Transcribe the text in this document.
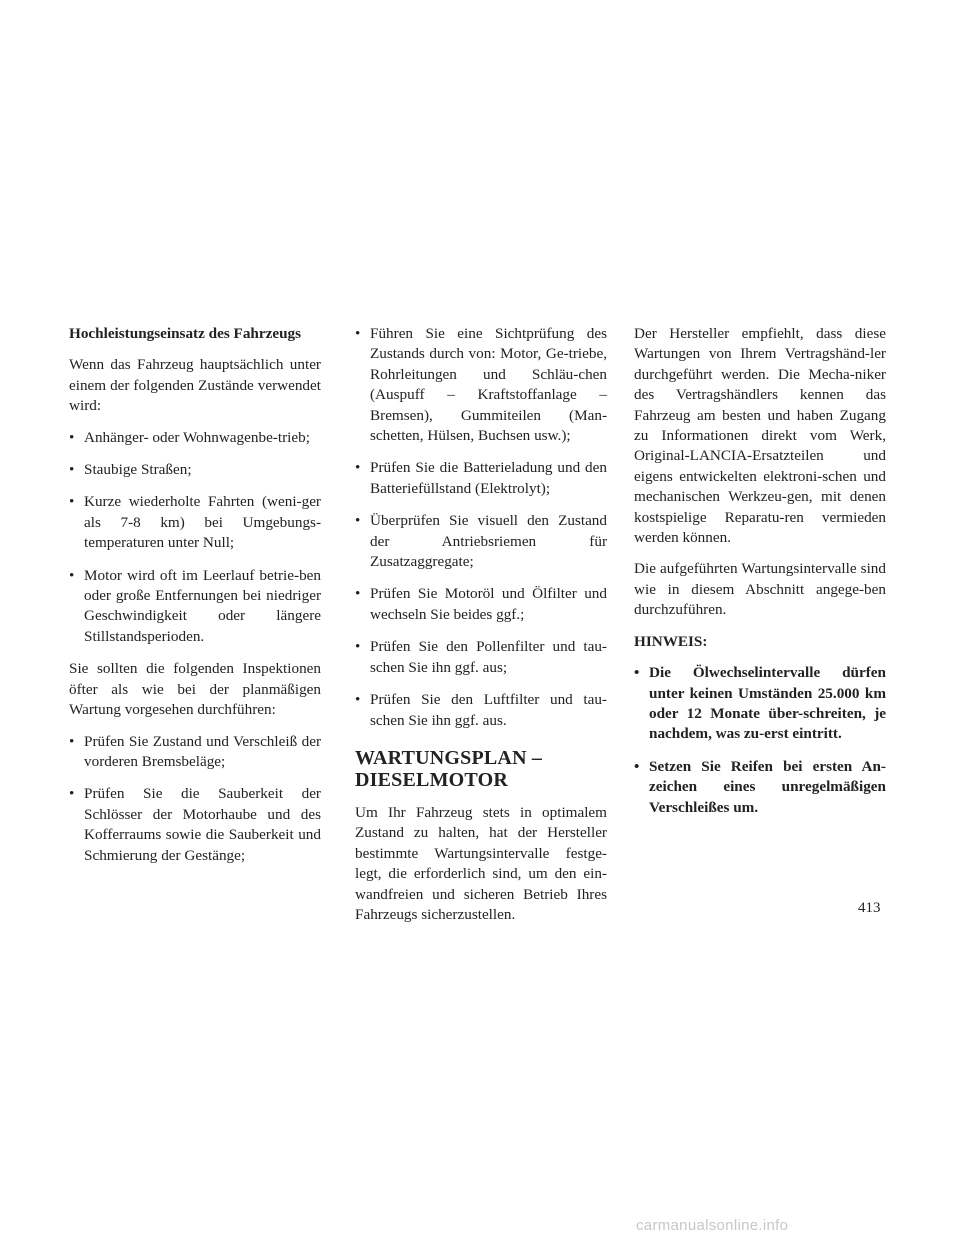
Hochleistungseinsatz des Fahrzeugs

Wenn das Fahrzeug hauptsächlich unter einem der folgenden Zustände verwendet wird:

• Anhänger- oder Wohnwagenbe-trieb;
• Staubige Straßen;
• Kurze wiederholte Fahrten (weni-ger als 7-8 km) bei Umgebungs-temperaturen unter Null;
• Motor wird oft im Leerlauf betrie-ben oder große Entfernungen bei niedriger Geschwindigkeit oder längere Stillstandsperioden.

Sie sollten die folgenden Inspektionen öfter als wie bei der planmäßigen Wartung vorgesehen durchführen:

• Prüfen Sie Zustand und Verschleiß der vorderen Bremsbeläge;
• Prüfen Sie die Sauberkeit der Schlösser der Motorhaube und des Kofferraums sowie die Sauberkeit und Schmierung der Gestänge;
• Führen Sie eine Sichtprüfung des Zustands durch von: Motor, Ge-triebe, Rohrleitungen und Schläu-chen (Auspuff – Kraftstoffanlage – Bremsen), Gummiteilen (Man-schetten, Hülsen, Buchsen usw.);
• Prüfen Sie die Batterieladung und den Batteriefüllstand (Elektrolyt);
• Überprüfen Sie visuell den Zustand der Antriebsriemen für Zusatzaggregate;
• Prüfen Sie Motoröl und Ölfilter und wechseln Sie beides ggf.;
• Prüfen Sie den Pollenfilter und tau-schen Sie ihn ggf. aus;
• Prüfen Sie den Luftfilter und tau-schen Sie ihn ggf. aus.
WARTUNGSPLAN –
DIESELMOTOR

Um Ihr Fahrzeug stets in optimalem Zustand zu halten, hat der Hersteller bestimmte Wartungsintervalle festge-legt, die erforderlich sind, um den ein-wandfreien und sicheren Betrieb Ihres Fahrzeugs sicherzustellen.

Der Hersteller empfiehlt, dass diese Wartungen von Ihrem Vertragshänd-ler durchgeführt werden. Die Mecha-niker des Vertragshändlers kennen das Fahrzeug am besten und haben Zugang zu Informationen direkt vom Werk, Original-LANCIA-Ersatzteilen und eigens entwickelten elektroni-schen und mechanischen Werkzeu-gen, mit denen kostspielige Reparatu-ren vermieden werden können.

Die aufgeführten Wartungsintervalle sind wie in diesem Abschnitt angege-ben durchzuführen.

HINWEIS:

• Die Ölwechselintervalle dürfen unter keinen Umständen 25.000 km oder 12 Monate über-schreiten, je nachdem, was zu-erst eintritt.
• Setzen Sie Reifen bei ersten An-zeichen eines unregelmäßigen Verschleißes um.
413
carmanualsonline.info
